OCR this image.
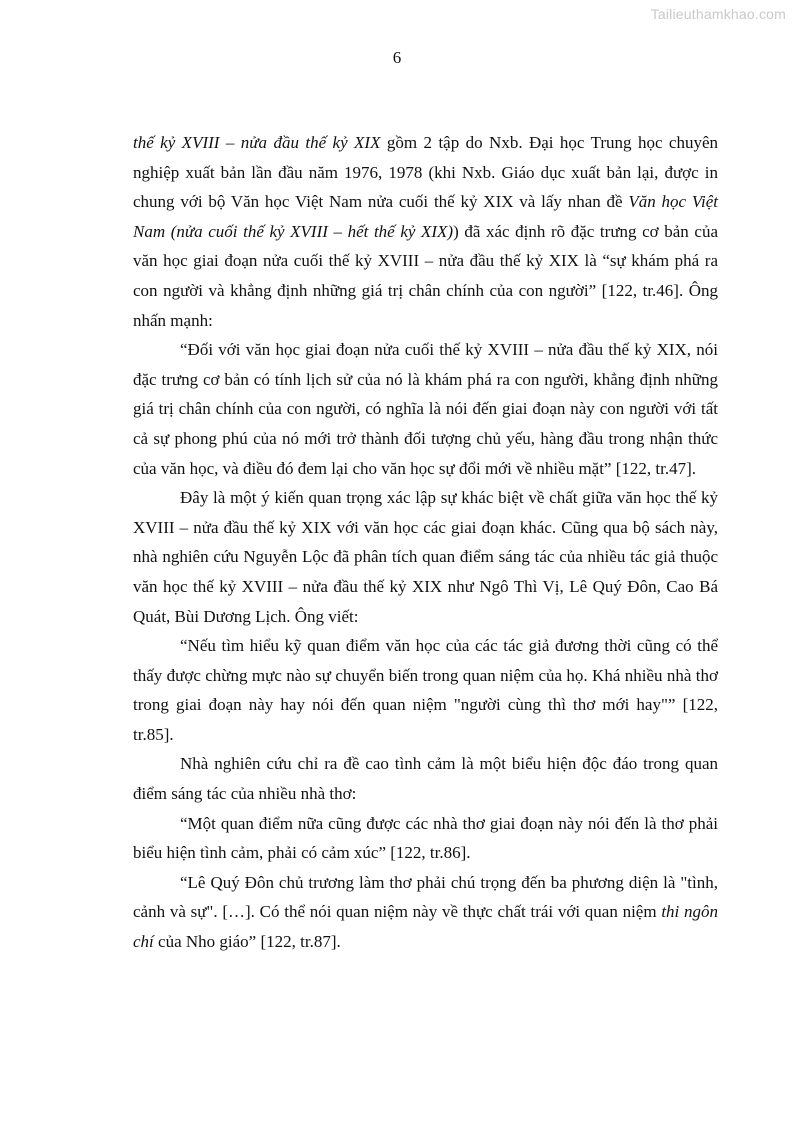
Tailieuthamkhao.com
6

thế kỷ XVIII – nửa đầu thế kỷ XIX gồm 2 tập do Nxb. Đại học Trung học chuyên nghiệp xuất bản lần đầu năm 1976, 1978 (khi Nxb. Giáo dục xuất bản lại, được in chung với bộ Văn học Việt Nam nửa cuối thế kỷ XIX và lấy nhan đề Văn học Việt Nam (nửa cuối thế kỷ XVIII – hết thế kỷ XIX)) đã xác định rõ đặc trưng cơ bản của văn học giai đoạn nửa cuối thế kỷ XVIII – nửa đầu thế kỷ XIX là “sự khám phá ra con người và khẳng định những giá trị chân chính của con người” [122, tr.46]. Ông nhấn mạnh:

“Đối với văn học giai đoạn nửa cuối thế kỷ XVIII – nửa đầu thế kỷ XIX, nói đặc trưng cơ bản có tính lịch sử của nó là khám phá ra con người, khẳng định những giá trị chân chính của con người, có nghĩa là nói đến giai đoạn này con người với tất cả sự phong phú của nó mới trở thành đối tượng chủ yếu, hàng đầu trong nhận thức của văn học, và điều đó đem lại cho văn học sự đổi mới về nhiều mặt” [122, tr.47].

Đây là một ý kiến quan trọng xác lập sự khác biệt về chất giữa văn học thế kỷ XVIII – nửa đầu thế kỷ XIX với văn học các giai đoạn khác. Cũng qua bộ sách này, nhà nghiên cứu Nguyễn Lộc đã phân tích quan điểm sáng tác của nhiều tác giả thuộc văn học thế kỷ XVIII – nửa đầu thế kỷ XIX như Ngô Thì Vị, Lê Quý Đôn, Cao Bá Quát, Bùi Dương Lịch. Ông viết:

“Nếu tìm hiểu kỹ quan điểm văn học của các tác giả đương thời cũng có thể thấy được chừng mực nào sự chuyển biến trong quan niệm của họ. Khá nhiều nhà thơ trong giai đoạn này hay nói đến quan niệm "người cùng thì thơ mới hay"” [122, tr.85].

Nhà nghiên cứu chỉ ra đề cao tình cảm là một biểu hiện độc đáo trong quan điểm sáng tác của nhiều nhà thơ:

“Một quan điểm nữa cũng được các nhà thơ giai đoạn này nói đến là thơ phải biểu hiện tình cảm, phải có cảm xúc” [122, tr.86].

“Lê Quý Đôn chủ trương làm thơ phải chú trọng đến ba phương diện là "tình, cảnh và sự". […]. Có thể nói quan niệm này về thực chất trái với quan niệm thi ngôn chí của Nho giáo” [122, tr.87].
